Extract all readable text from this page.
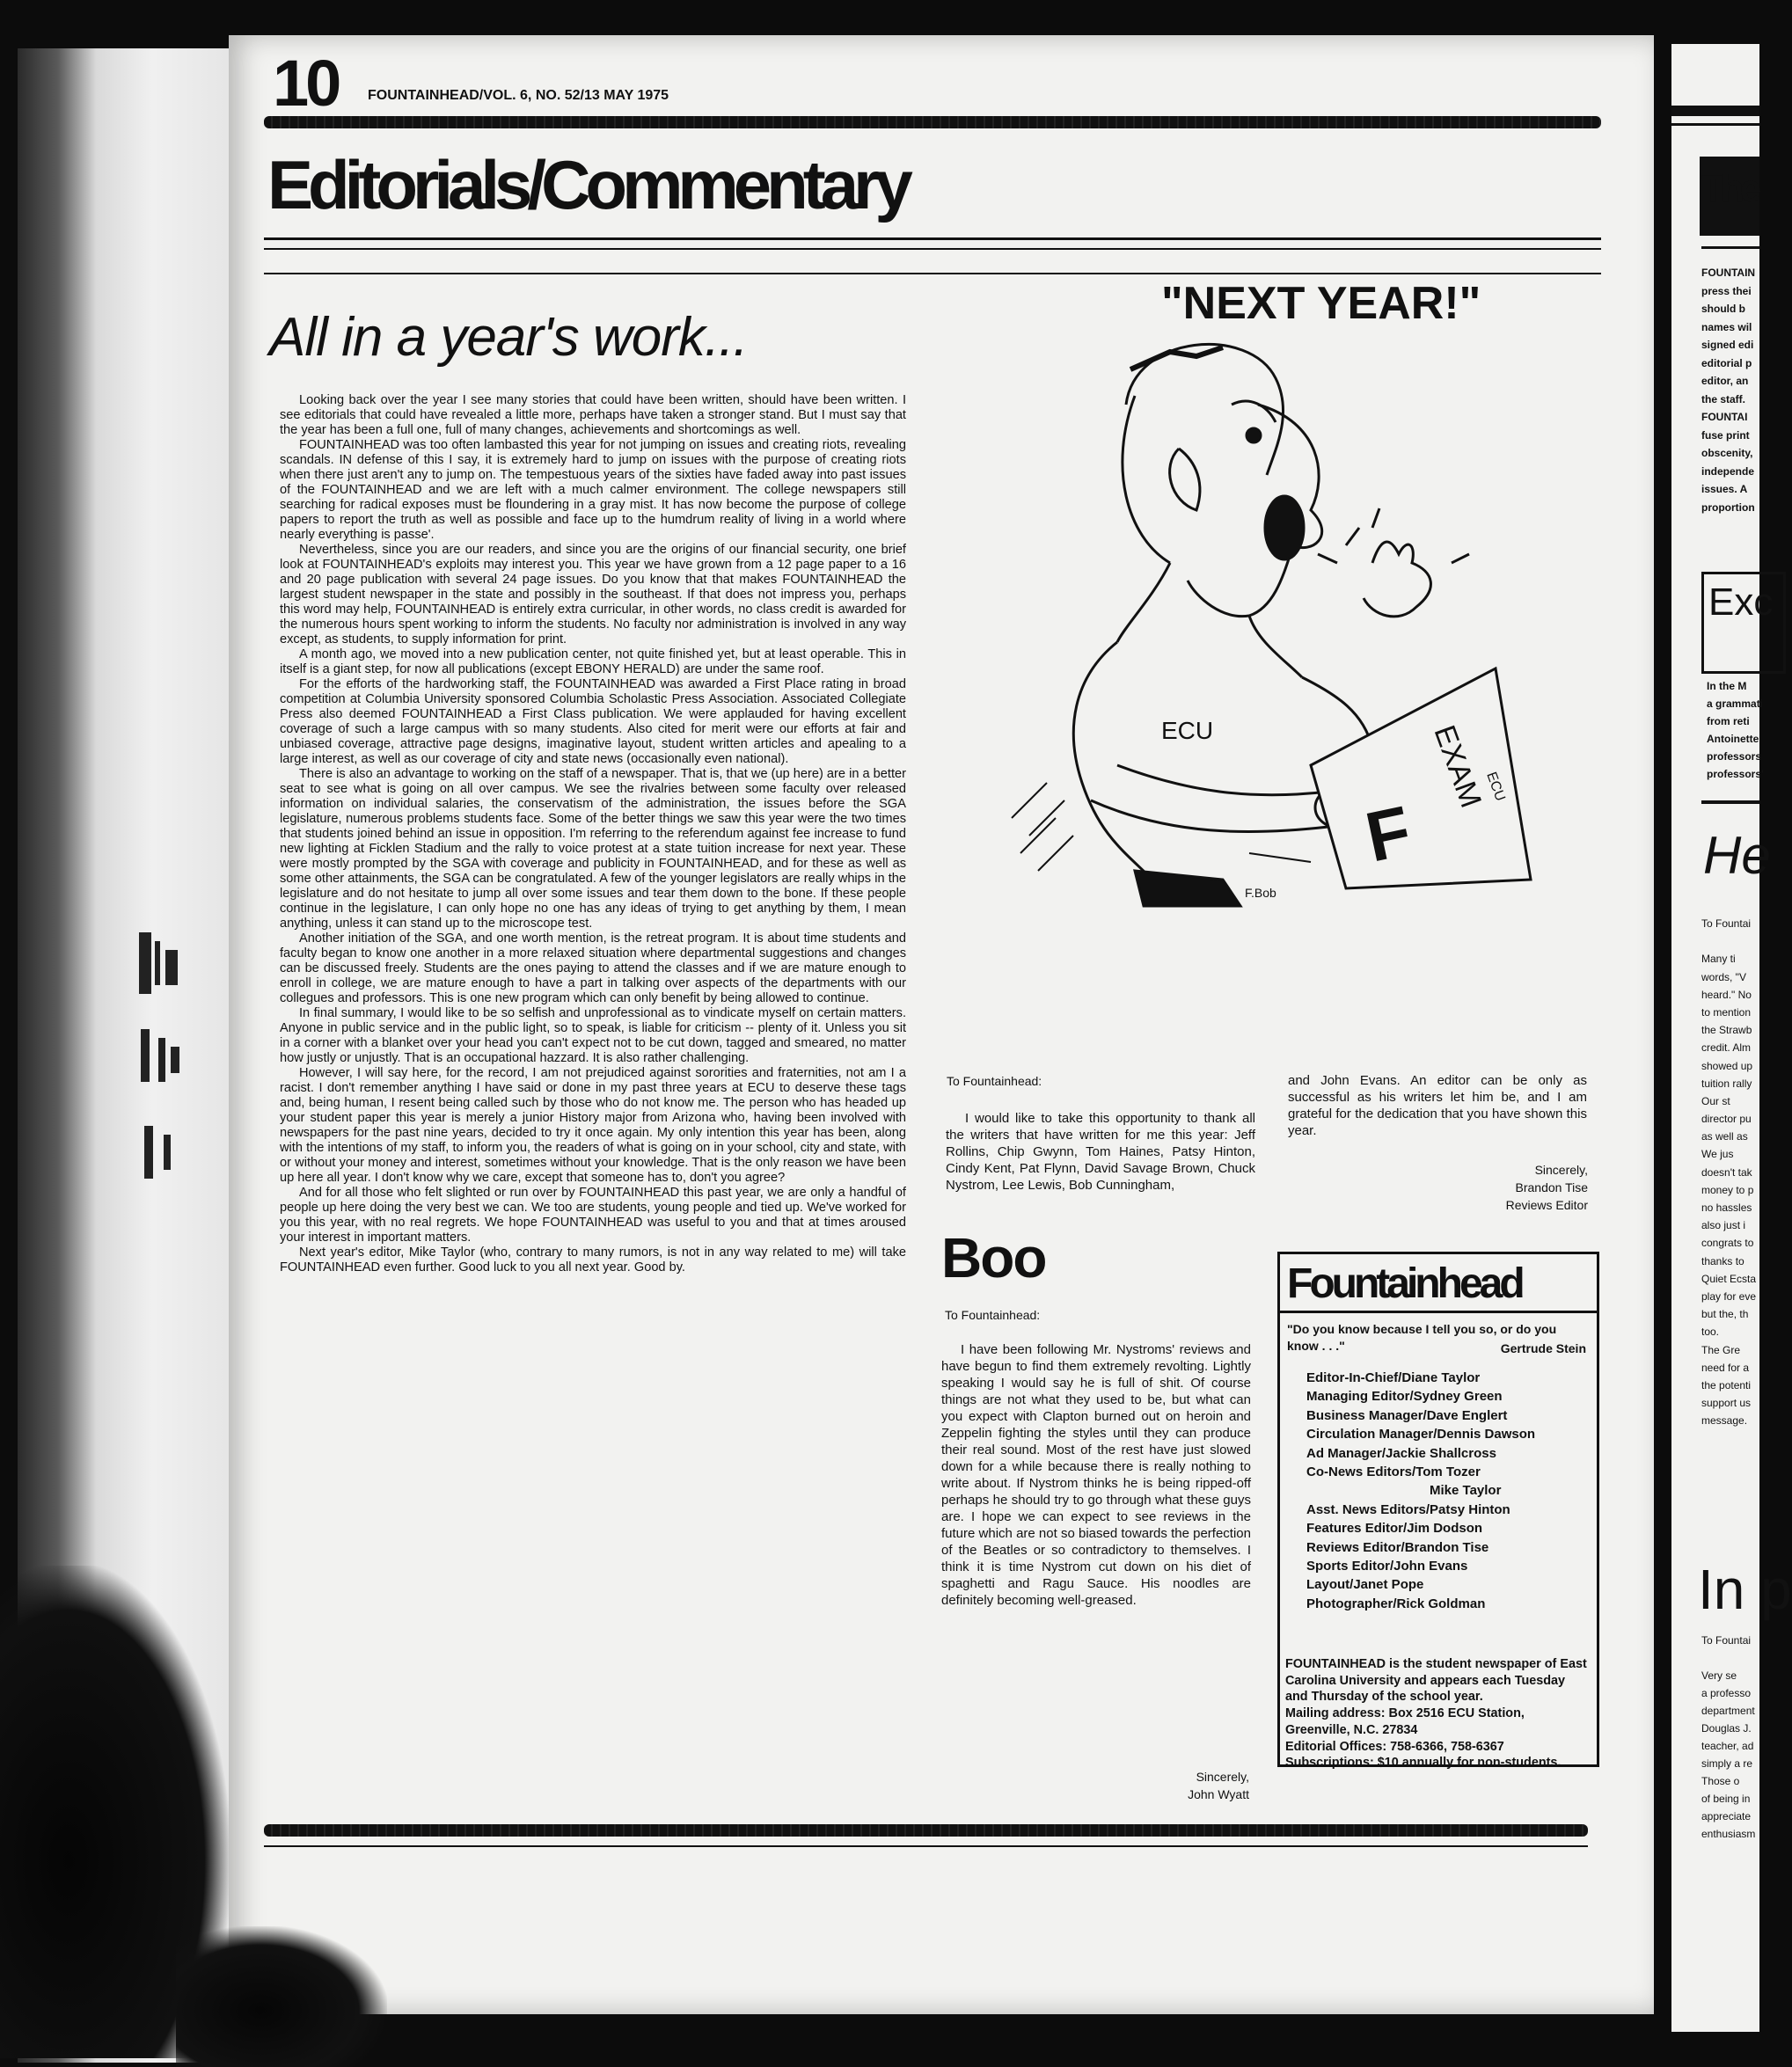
The
FOUNTAIN
press thei
should b
names wil
signed edi
editorial p
editor, an
the staff.
FOUNTAI
fuse print
obscenity,
independe
issues. A
proportion
Exc
In the M
a grammati
from reti
Antoinette
professors
professors'
He
To Fountai
Many ti
words, "V
heard." No
to mention
the Strawb
credit. Alm
showed up
tuition rally
Our st
director pu
as well as
We jus
doesn't tak
money to p
no hassles
also just i
congrats to
thanks to
Quiet Ecsta
play for eve
but the, th
too.
The Gre
need for a
the potenti
support us
message.
In p
To Fountai
Very se
a professo
department
Douglas J.
teacher, ad
simply a re
Those o
of being in
appreciate
enthusiasm
10 FOUNTAINHEAD/VOL. 6, NO. 52/13 MAY 1975
Editorials/Commentary
All in a year's work...

Looking back over the year I see many stories that could have been written, should have been written. I see editorials that could have revealed a little more, perhaps have taken a stronger stand. But I must say that the year has been a full one, full of many changes, achievements and shortcomings as well.

FOUNTAINHEAD was too often lambasted this year for not jumping on issues and creating riots, revealing scandals. IN defense of this I say, it is extremely hard to jump on issues with the purpose of creating riots when there just aren't any to jump on. The tempestuous years of the sixties have faded away into past issues of the FOUNTAINHEAD and we are left with a much calmer environment. The college newspapers still searching for radical exposes must be floundering in a gray mist. It has now become the purpose of college papers to report the truth as well as possible and face up to the humdrum reality of living in a world where nearly everything is passe'.

Nevertheless, since you are our readers, and since you are the origins of our financial security, one brief look at FOUNTAINHEAD's exploits may interest you. This year we have grown from a 12 page paper to a 16 and 20 page publication with several 24 page issues. Do you know that that makes FOUNTAINHEAD the largest student newspaper in the state and possibly in the southeast. If that does not impress you, perhaps this word may help, FOUNTAINHEAD is entirely extra curricular, in other words, no class credit is awarded for the numerous hours spent working to inform the students. No faculty nor administration is involved in any way except, as students, to supply information for print.

A month ago, we moved into a new publication center, not quite finished yet, but at least operable. This in itself is a giant step, for now all publications (except EBONY HERALD) are under the same roof.

For the efforts of the hardworking staff, the FOUNTAINHEAD was awarded a First Place rating in broad competition at Columbia University sponsored Columbia Scholastic Press Association. Associated Collegiate Press also deemed FOUNTAINHEAD a First Class publication. We were applauded for having excellent coverage of such a large campus with so many students. Also cited for merit were our efforts at fair and unbiased coverage, attractive page designs, imaginative layout, student written articles and apealing to a large interest, as well as our coverage of city and state news (occasionally even national).

There is also an advantage to working on the staff of a newspaper. That is, that we (up here) are in a better seat to see what is going on all over campus. We see the rivalries between some faculty over released information on individual salaries, the conservatism of the administration, the issues before the SGA legislature, numerous problems students face. Some of the better things we saw this year were the two times that students joined behind an issue in opposition. I'm referring to the referendum against fee increase to fund new lighting at Ficklen Stadium and the rally to voice protest at a state tuition increase for next year. These were mostly prompted by the SGA with coverage and publicity in FOUNTAINHEAD, and for these as well as some other attainments, the SGA can be congratulated. A few of the younger legislators are really whips in the legislature and do not hesitate to jump all over some issues and tear them down to the bone. If these people continue in the legislature, I can only hope no one has any ideas of trying to get anything by them, I mean anything, unless it can stand up to the microscope test.

Another initiation of the SGA, and one worth mention, is the retreat program. It is about time students and faculty began to know one another in a more relaxed situation where departmental suggestions and changes can be discussed freely. Students are the ones paying to attend the classes and if we are mature enough to enroll in college, we are mature enough to have a part in talking over aspects of the departments with our collegues and professors. This is one new program which can only benefit by being allowed to continue.

In final summary, I would like to be so selfish and unprofessional as to vindicate myself on certain matters. Anyone in public service and in the public light, so to speak, is liable for criticism -- plenty of it. Unless you sit in a corner with a blanket over your head you can't expect not to be cut down, tagged and smeared, no matter how justly or unjustly. That is an occupational hazzard. It is also rather challenging.

However, I will say here, for the record, I am not prejudiced against sororities and fraternities, not am I a racist. I don't remember anything I have said or done in my past three years at ECU to deserve these tags and, being human, I resent being called such by those who do not know me. The person who has headed up your student paper this year is merely a junior History major from Arizona who, having been involved with newspapers for the past nine years, decided to try it once again. My only intention this year has been, along with the intentions of my staff, to inform you, the readers of what is going on in your school, city and state, with or without your money and interest, sometimes without your knowledge. That is the only reason we have been up here all year. I don't know why we care, except that someone has to, don't you agree?

And for all those who felt slighted or run over by FOUNTAINHEAD this past year, we are only a handful of people up here doing the very best we can. We too are students, young people and tied up. We've worked for you this year, with no real regrets. We hope FOUNTAINHEAD was useful to you and that at times aroused your interest in important matters.

Next year's editor, Mike Taylor (who, contrary to many rumors, is not in any way related to me) will take FOUNTAINHEAD even further. Good luck to you all next year. Good by.

"NEXT YEAR!"
ECU	EXAM
ECU
F
F.Bob
To Fountainhead:

I would like to take this opportunity to thank all the writers that have written for me this year: Jeff Rollins, Chip Gwynn, Tom Haines, Patsy Hinton, Cindy Kent, Pat Flynn, David Savage Brown, Chuck Nystrom, Lee Lewis, Bob Cunningham,

and John Evans. An editor can be only as successful as his writers let him be, and I am grateful for the dedication that you have shown this year.

Sincerely,
Brandon Tise
Reviews Editor
Boo
To Fountainhead:

I have been following Mr. Nystroms' reviews and have begun to find them extremely revolting. Lightly speaking I would say he is full of shit. Of course things are not what they used to be, but what can you expect with Clapton burned out on heroin and Zeppelin fighting the styles until they can produce their real sound. Most of the rest have just slowed down for a while because there is really nothing to write about. If Nystrom thinks he is being ripped-off perhaps he should try to go through what these guys are. I hope we can expect to see reviews in the future which are not so biased towards the perfection of the Beatles or so contradictory to themselves. I think it is time Nystrom cut down on his diet of spaghetti and Ragu Sauce. His noodles are definitely becoming well-greased.

Sincerely,
John Wyatt
Fountainhead
"Do you know because I tell you so, or do you know . . ."	Gertrude Stein
Editor-In-Chief/Diane Taylor
Managing Editor/Sydney Green
Business Manager/Dave Englert
Circulation Manager/Dennis Dawson
Ad Manager/Jackie Shallcross
Co-News Editors/Tom Tozer
Mike Taylor
Asst. News Editors/Patsy Hinton
Features Editor/Jim Dodson
Reviews Editor/Brandon Tise
Sports Editor/John Evans
Layout/Janet Pope
Photographer/Rick Goldman
FOUNTAINHEAD is the student newspaper of East Carolina University and appears each Tuesday and Thursday of the school year.
Mailing address: Box 2516 ECU Station, Greenville, N.C. 27834
Editorial Offices: 758-6366, 758-6367
Subscriptions: $10 annually for non-students.
